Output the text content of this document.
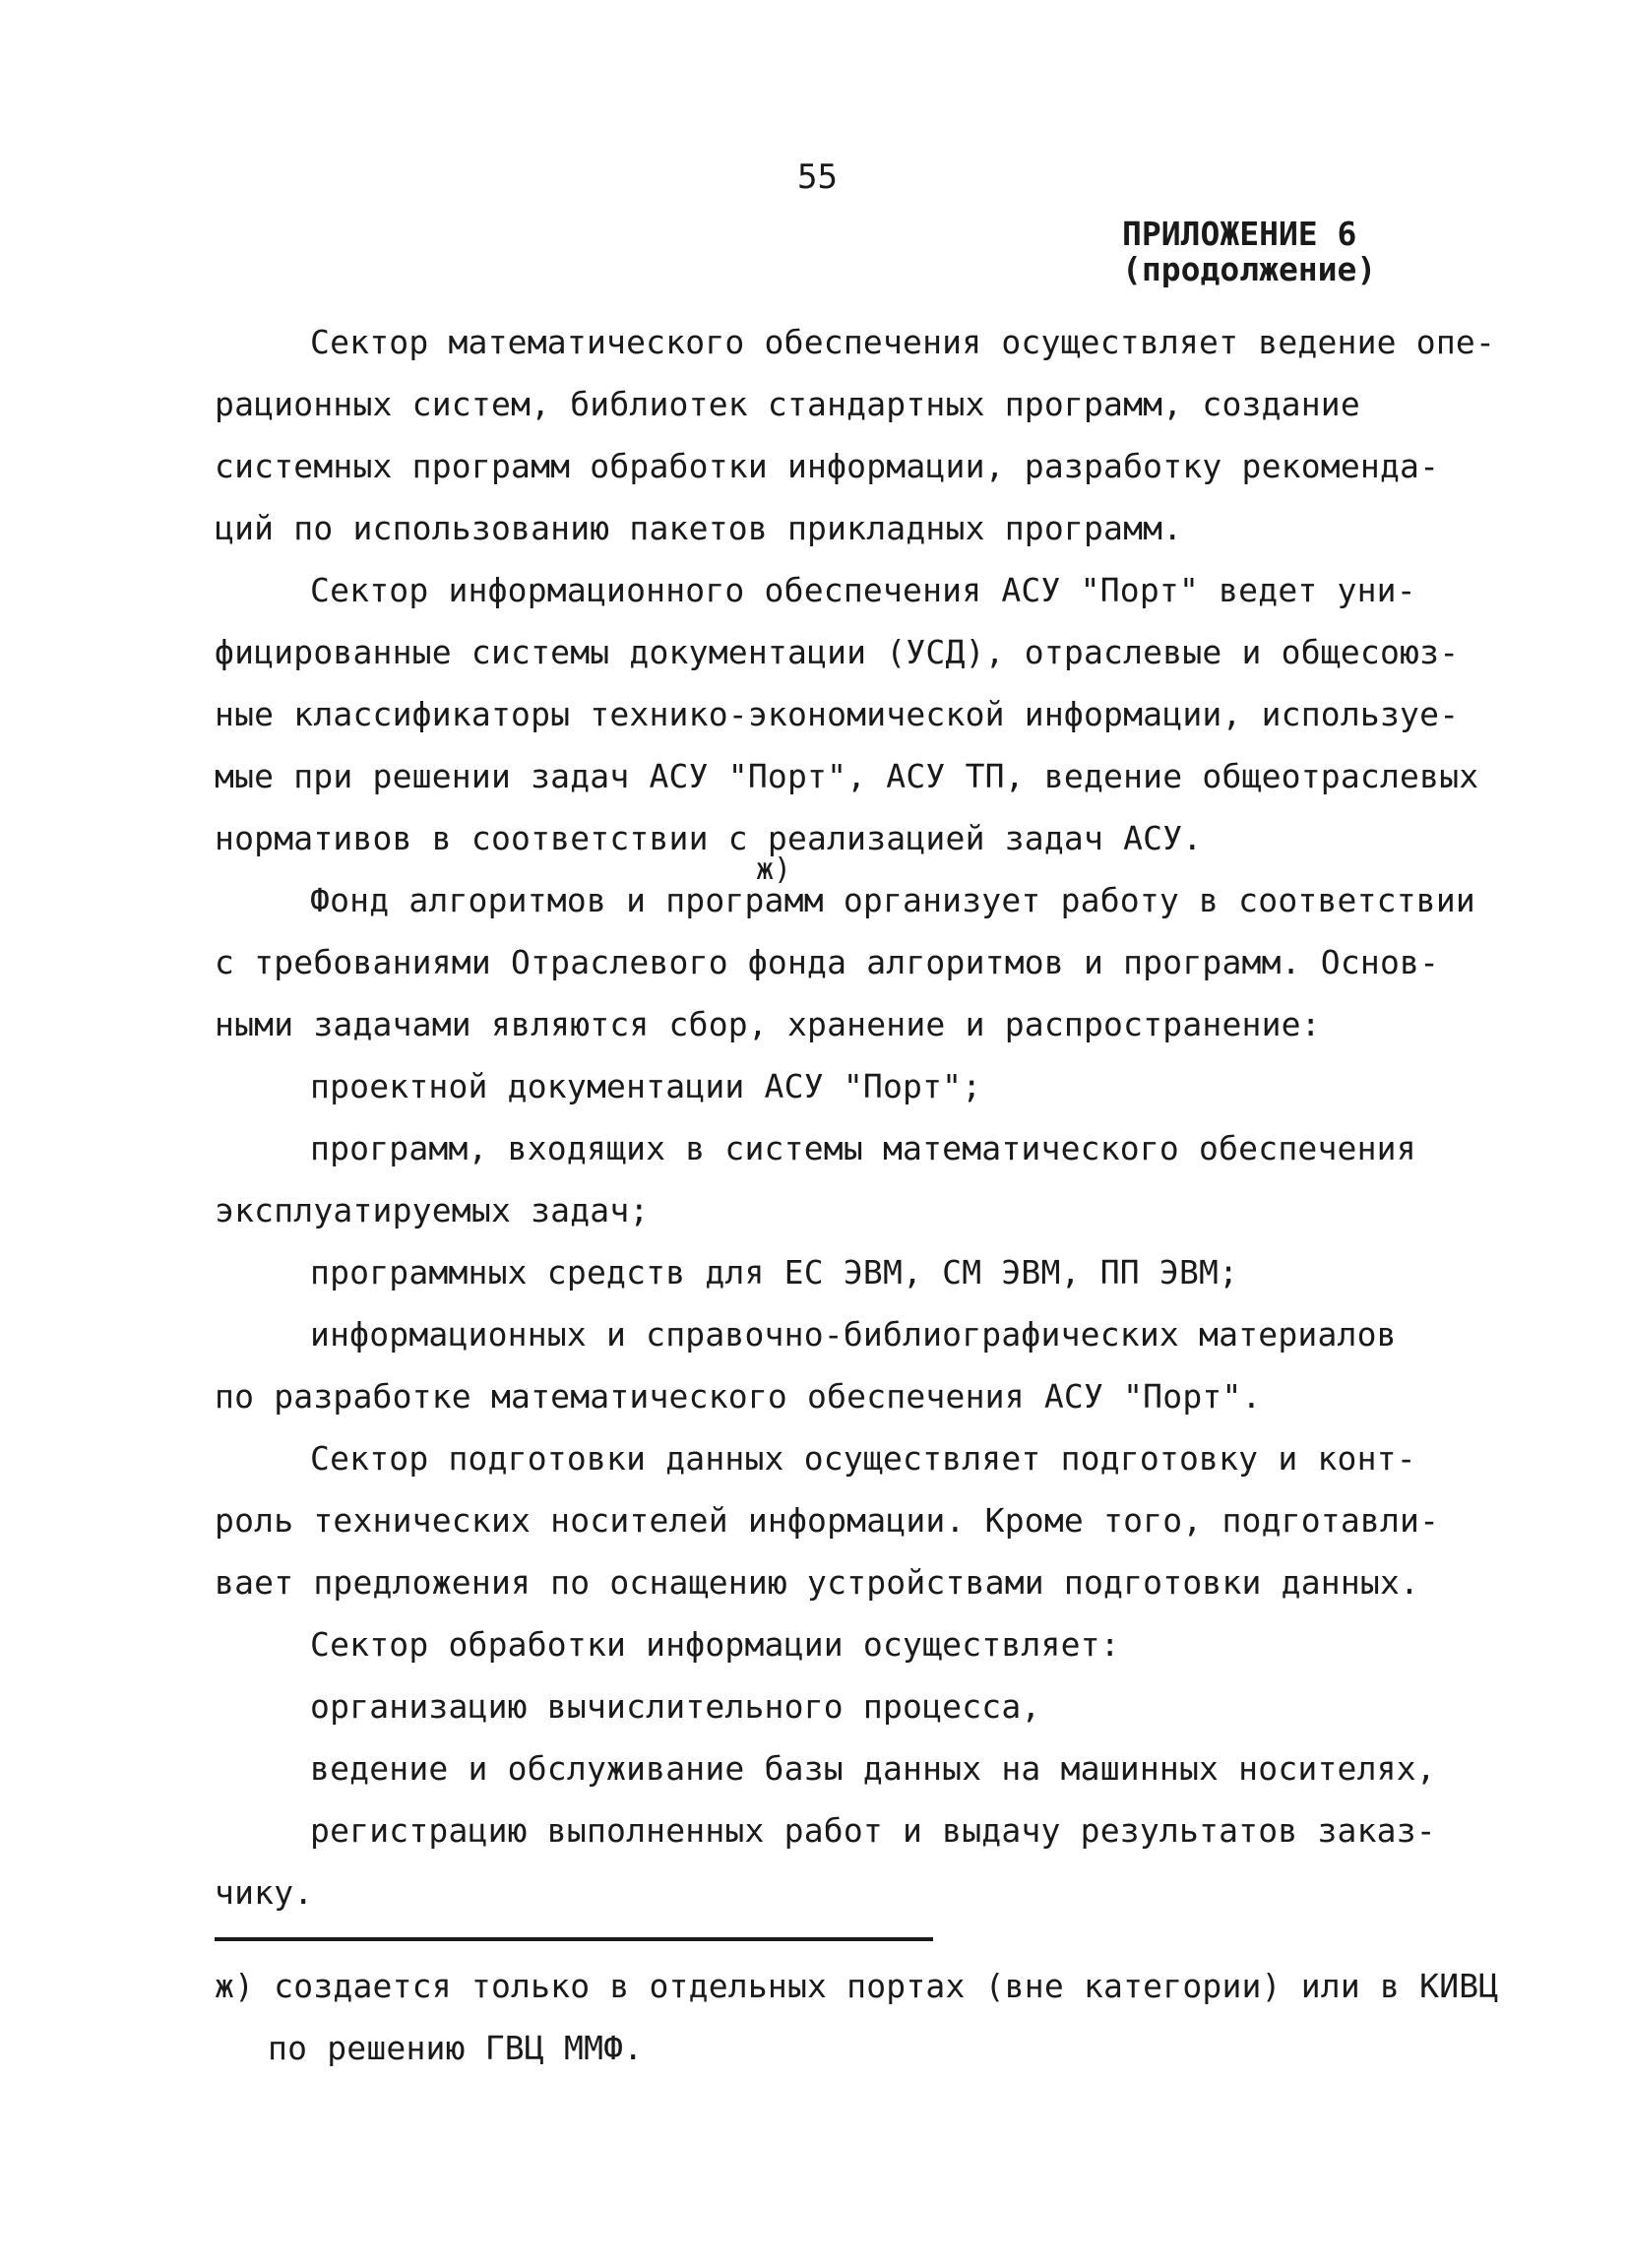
55
ПРИЛОЖЕНИЕ 6
(продолжение)
Сектор математического обеспечения осуществляет ведение опе-
рационных систем, библиотек стандартных программ, создание
системных программ обработки информации, разработку рекоменда-
ций по использованию пакетов прикладных программ.
Сектор информационного обеспечения АСУ "Порт" ведет уни-
фицированные системы документации (УСД), отраслевые и общесоюз-
ные классификаторы технико-экономической информации, используе-
мые при решении задач АСУ "Порт", АСУ ТП, ведение общеотраслевых
нормативов в соответствии с реализацией задач АСУ.
ж)
Фонд алгоритмов и программ организует работу в соответствии
с требованиями Отраслевого фонда алгоритмов и программ. Основ-
ными задачами являются сбор, хранение и распространение:
проектной документации АСУ "Порт";
программ, входящих в системы математического обеспечения
эксплуатируемых задач;
программных средств для ЕС ЭВМ, СМ ЭВМ, ПП ЭВМ;
информационных и справочно-библиографических материалов
по разработке математического обеспечения АСУ "Порт".
Сектор подготовки данных осуществляет подготовку и конт-
роль технических носителей информации. Кроме того, подготавли-
вает предложения по оснащению устройствами подготовки данных.
Сектор обработки информации осуществляет:
организацию вычислительного процесса,
ведение и обслуживание базы данных на машинных носителях,
регистрацию выполненных работ и выдачу результатов заказ-
чику.
ж) создается только в отдельных портах (вне категории) или в КИВЦ
по решению ГВЦ ММФ.
